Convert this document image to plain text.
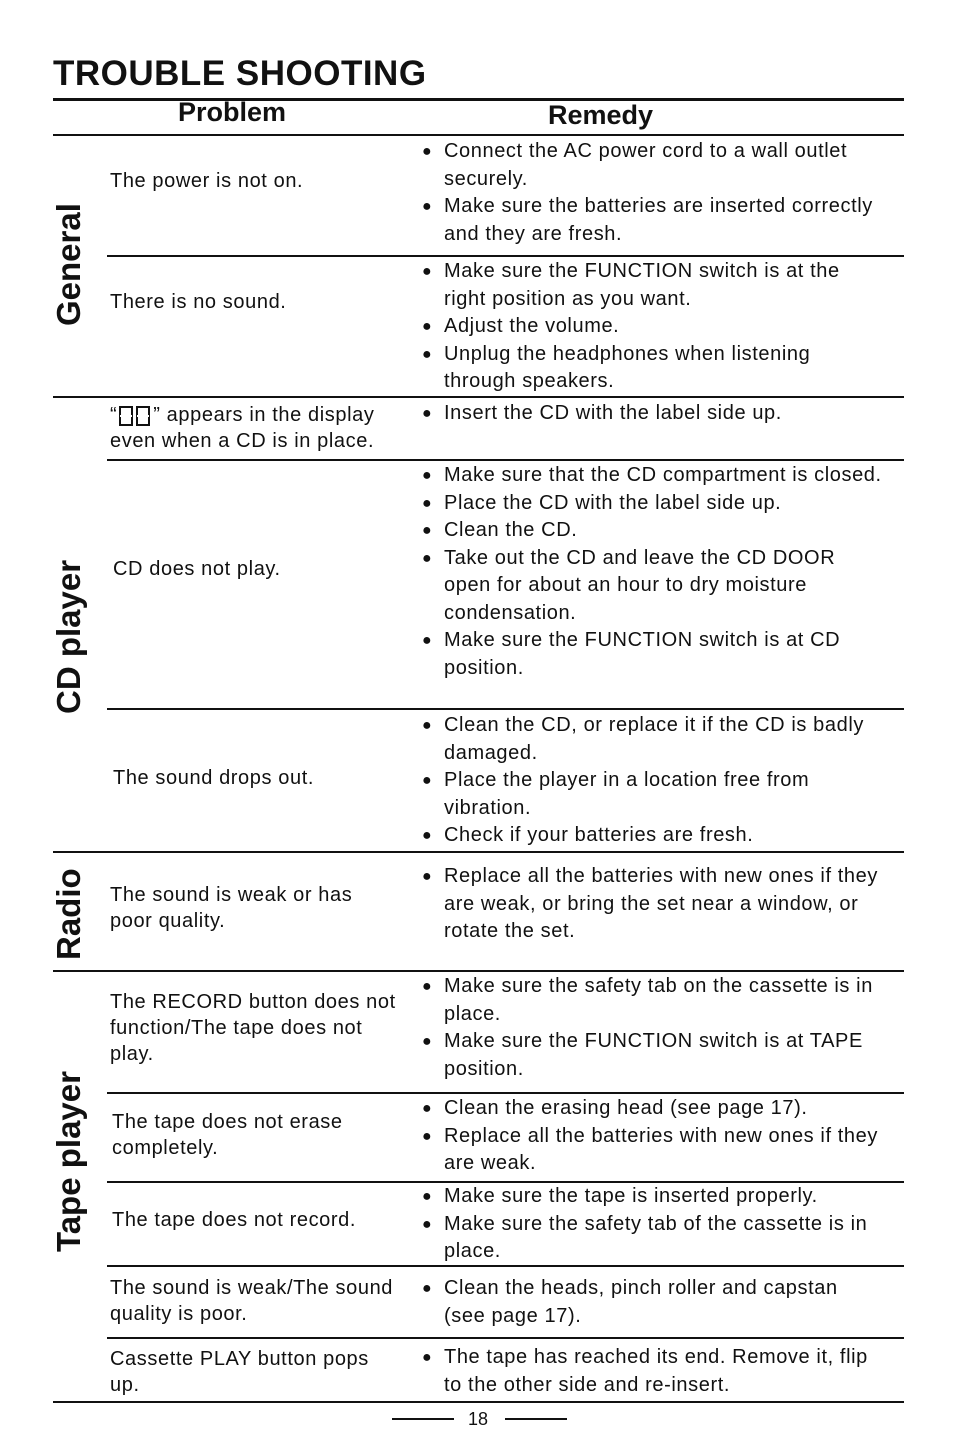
TROUBLE SHOOTING
Problem	Remedy
General
CD player
Radio
Tape player
The power is not on.
● Connect the AC power cord to a wall outlet securely.
● Make sure the batteries are inserted correctly and they are fresh.
There is no sound.
● Make sure the FUNCTION switch is at the right position as you want.
● Adjust the volume.
● Unplug the headphones when listening through speakers.
“ ” appears in the display even when a CD is in place.
● Insert the CD with the label side up.
CD does not play.
● Make sure that the CD compartment is closed.
● Place the CD with the label side up.
● Clean the CD.
● Take out the CD and leave the CD DOOR open for about an hour to dry moisture condensation.
● Make sure the FUNCTION switch is at CD position.
The sound drops out.
● Clean the CD, or replace it if the CD is badly damaged.
● Place the player in a location free from vibration.
● Check if your batteries are fresh.
The sound is weak or has poor quality.
● Replace all the batteries with new ones if they are weak, or bring the set near a window, or rotate the set.
The RECORD button does not function/The tape does not play.
● Make sure the safety tab on the cassette is in place.
● Make sure the FUNCTION switch is at TAPE position.
The tape does not erase completely.
● Clean the erasing head (see page 17).
● Replace all the batteries with new ones if they are weak.
The tape does not record.
● Make sure the tape is inserted properly.
● Make sure the safety tab of the cassette is in place.
The sound is weak/The sound quality is poor.
● Clean the heads, pinch roller and capstan (see page 17).
Cassette PLAY button pops up.
● The tape has reached its end. Remove it, flip to the other side and re-insert.
18
